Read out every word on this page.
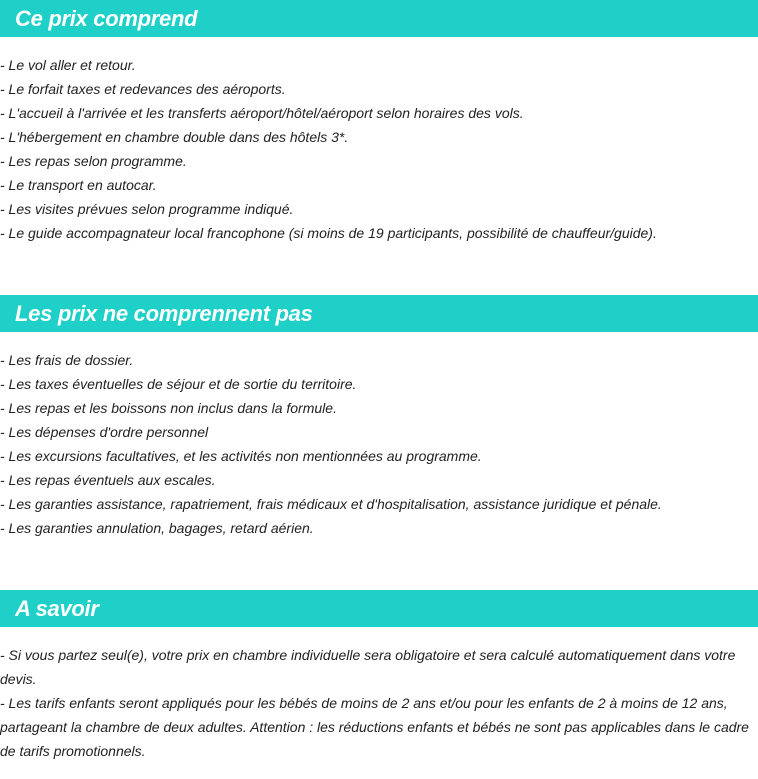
Ce prix comprend

- Le vol aller et retour.

- Le forfait taxes et redevances des aéroports.

- L'accueil à l'arrivée et les transferts aéroport/hôtel/aéroport selon horaires des vols.

- L'hébergement en chambre double dans des hôtels 3*.

- Les repas selon programme.

- Le transport en autocar.

- Les visites prévues selon programme indiqué.

- Le guide accompagnateur local francophone (si moins de 19 participants, possibilité de chauffeur/guide).

Les prix ne comprennent pas

- Les frais de dossier.

- Les taxes éventuelles de séjour et de sortie du territoire.

- Les repas et les boissons non inclus dans la formule.

- Les dépenses d'ordre personnel

- Les excursions facultatives, et les activités non mentionnées au programme.

- Les repas éventuels aux escales.

- Les garanties assistance, rapatriement, frais médicaux et d'hospitalisation, assistance juridique et pénale.

- Les garanties annulation, bagages, retard aérien.

A savoir

- Si vous partez seul(e), votre prix en chambre individuelle sera obligatoire et sera calculé automatiquement dans votre devis.

- Les tarifs enfants seront appliqués pour les bébés de moins de 2 ans et/ou pour les enfants de 2 à moins de 12 ans, partageant la chambre de deux adultes. Attention : les réductions enfants et bébés ne sont pas applicables dans le cadre de tarifs promotionnels.
